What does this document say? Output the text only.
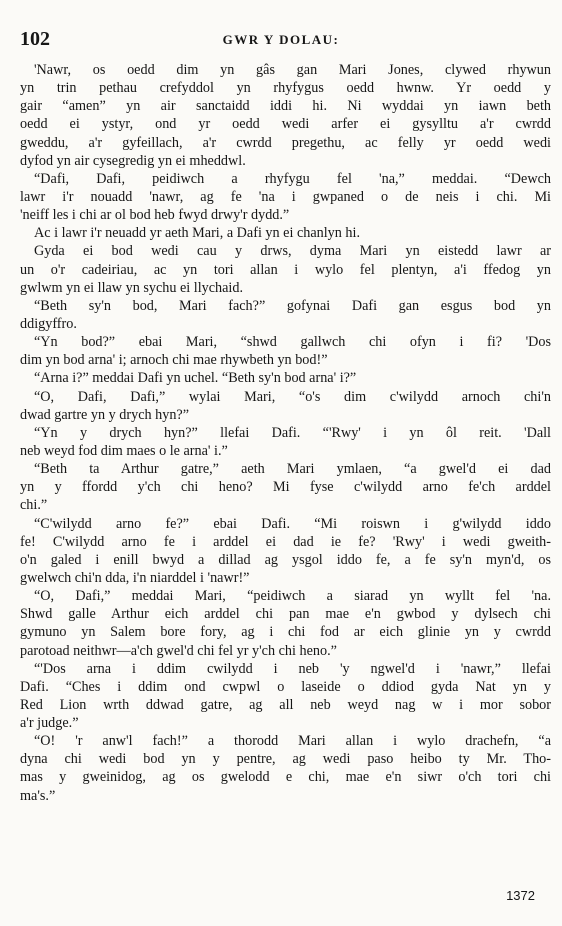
102	GWR Y DOLAU:
'Nawr, os oedd dim yn gâs gan Mari Jones, clywed rhywun
yn trin pethau crefyddol yn rhyfygus oedd hwnw. Yr oedd y
gair “amen” yn air sanctaidd iddi hi. Ni wyddai yn iawn beth
oedd ei ystyr, ond yr oedd wedi arfer ei gysylltu a'r cwrdd
gweddu, a'r gyfeillach, a'r cwrdd pregethu, ac felly yr oedd wedi
dyfod yn air cysegredig yn ei mheddwl.
“Dafi, Dafi, peidiwch a rhyfygu fel 'na,” meddai. “Dewch
lawr i'r nouadd 'nawr, ag fe 'na i gwpaned o de neis i chi. Mi
'neiff les i chi ar ol bod heb fwyd drwy'r dydd.”
Ac i lawr i'r neuadd yr aeth Mari, a Dafi yn ei chanlyn hi.
Gyda ei bod wedi cau y drws, dyma Mari yn eistedd lawr ar
un o'r cadeiriau, ac yn tori allan i wylo fel plentyn, a'i ffedog yn
gwlwm yn ei llaw yn sychu ei llychaid.
“Beth sy'n bod, Mari fach?” gofynai Dafi gan esgus bod yn
ddigyffro.
“Yn bod?” ebai Mari, “shwd gallwch chi ofyn i fi? 'Dos
dim yn bod arna' i; arnoch chi mae rhywbeth yn bod!”
“Arna i?” meddai Dafi yn uchel. “Beth sy'n bod arna' i?”
“O, Dafi, Dafi,” wylai Mari, “o's dim c'wilydd arnoch chi'n
dwad gartre yn y drych hyn?”
“Yn y drych hyn?” llefai Dafi. “'Rwy' i yn ôl reit. 'Dall
neb weyd fod dim maes o le arna' i.”
“Beth ta Arthur gatre,” aeth Mari ymlaen, “a gwel'd ei dad
yn y ffordd y'ch chi heno? Mi fyse c'wilydd arno fe'ch arddel
chi.”
“C'wilydd arno fe?” ebai Dafi. “Mi roiswn i g'wilydd iddo
fe! C'wilydd arno fe i arddel ei dad ie fe? 'Rwy' i wedi gweith-
o'n galed i enill bwyd a dillad ag ysgol iddo fe, a fe sy'n myn'd, os
gwelwch chi'n dda, i'n niarddel i 'nawr!”
“O, Dafi,” meddai Mari, “peidiwch a siarad yn wyllt fel 'na.
Shwd galle Arthur eich arddel chi pan mae e'n gwbod y dylsech chi
gymuno yn Salem bore fory, ag i chi fod ar eich glinie yn y cwrdd
parotoad neithwr—a'ch gwel'd chi fel yr y'ch chi heno.”
“'Dos arna i ddim cwilydd i neb 'y ngwel'd i 'nawr,” llefai
Dafi. “Ches i ddim ond cwpwl o laseide o ddiod gyda Nat yn y
Red Lion wrth ddwad gatre, ag all neb weyd nag w i mor sobor
a'r judge.”
“O! 'r anw'l fach!” a thorodd Mari allan i wylo drachefn, “a
dyna chi wedi bod yn y pentre, ag wedi paso heibo ty Mr. Tho-
mas y gweinidog, ag os gwelodd e chi, mae e'n siwr o'ch tori chi
ma's.”
1372
